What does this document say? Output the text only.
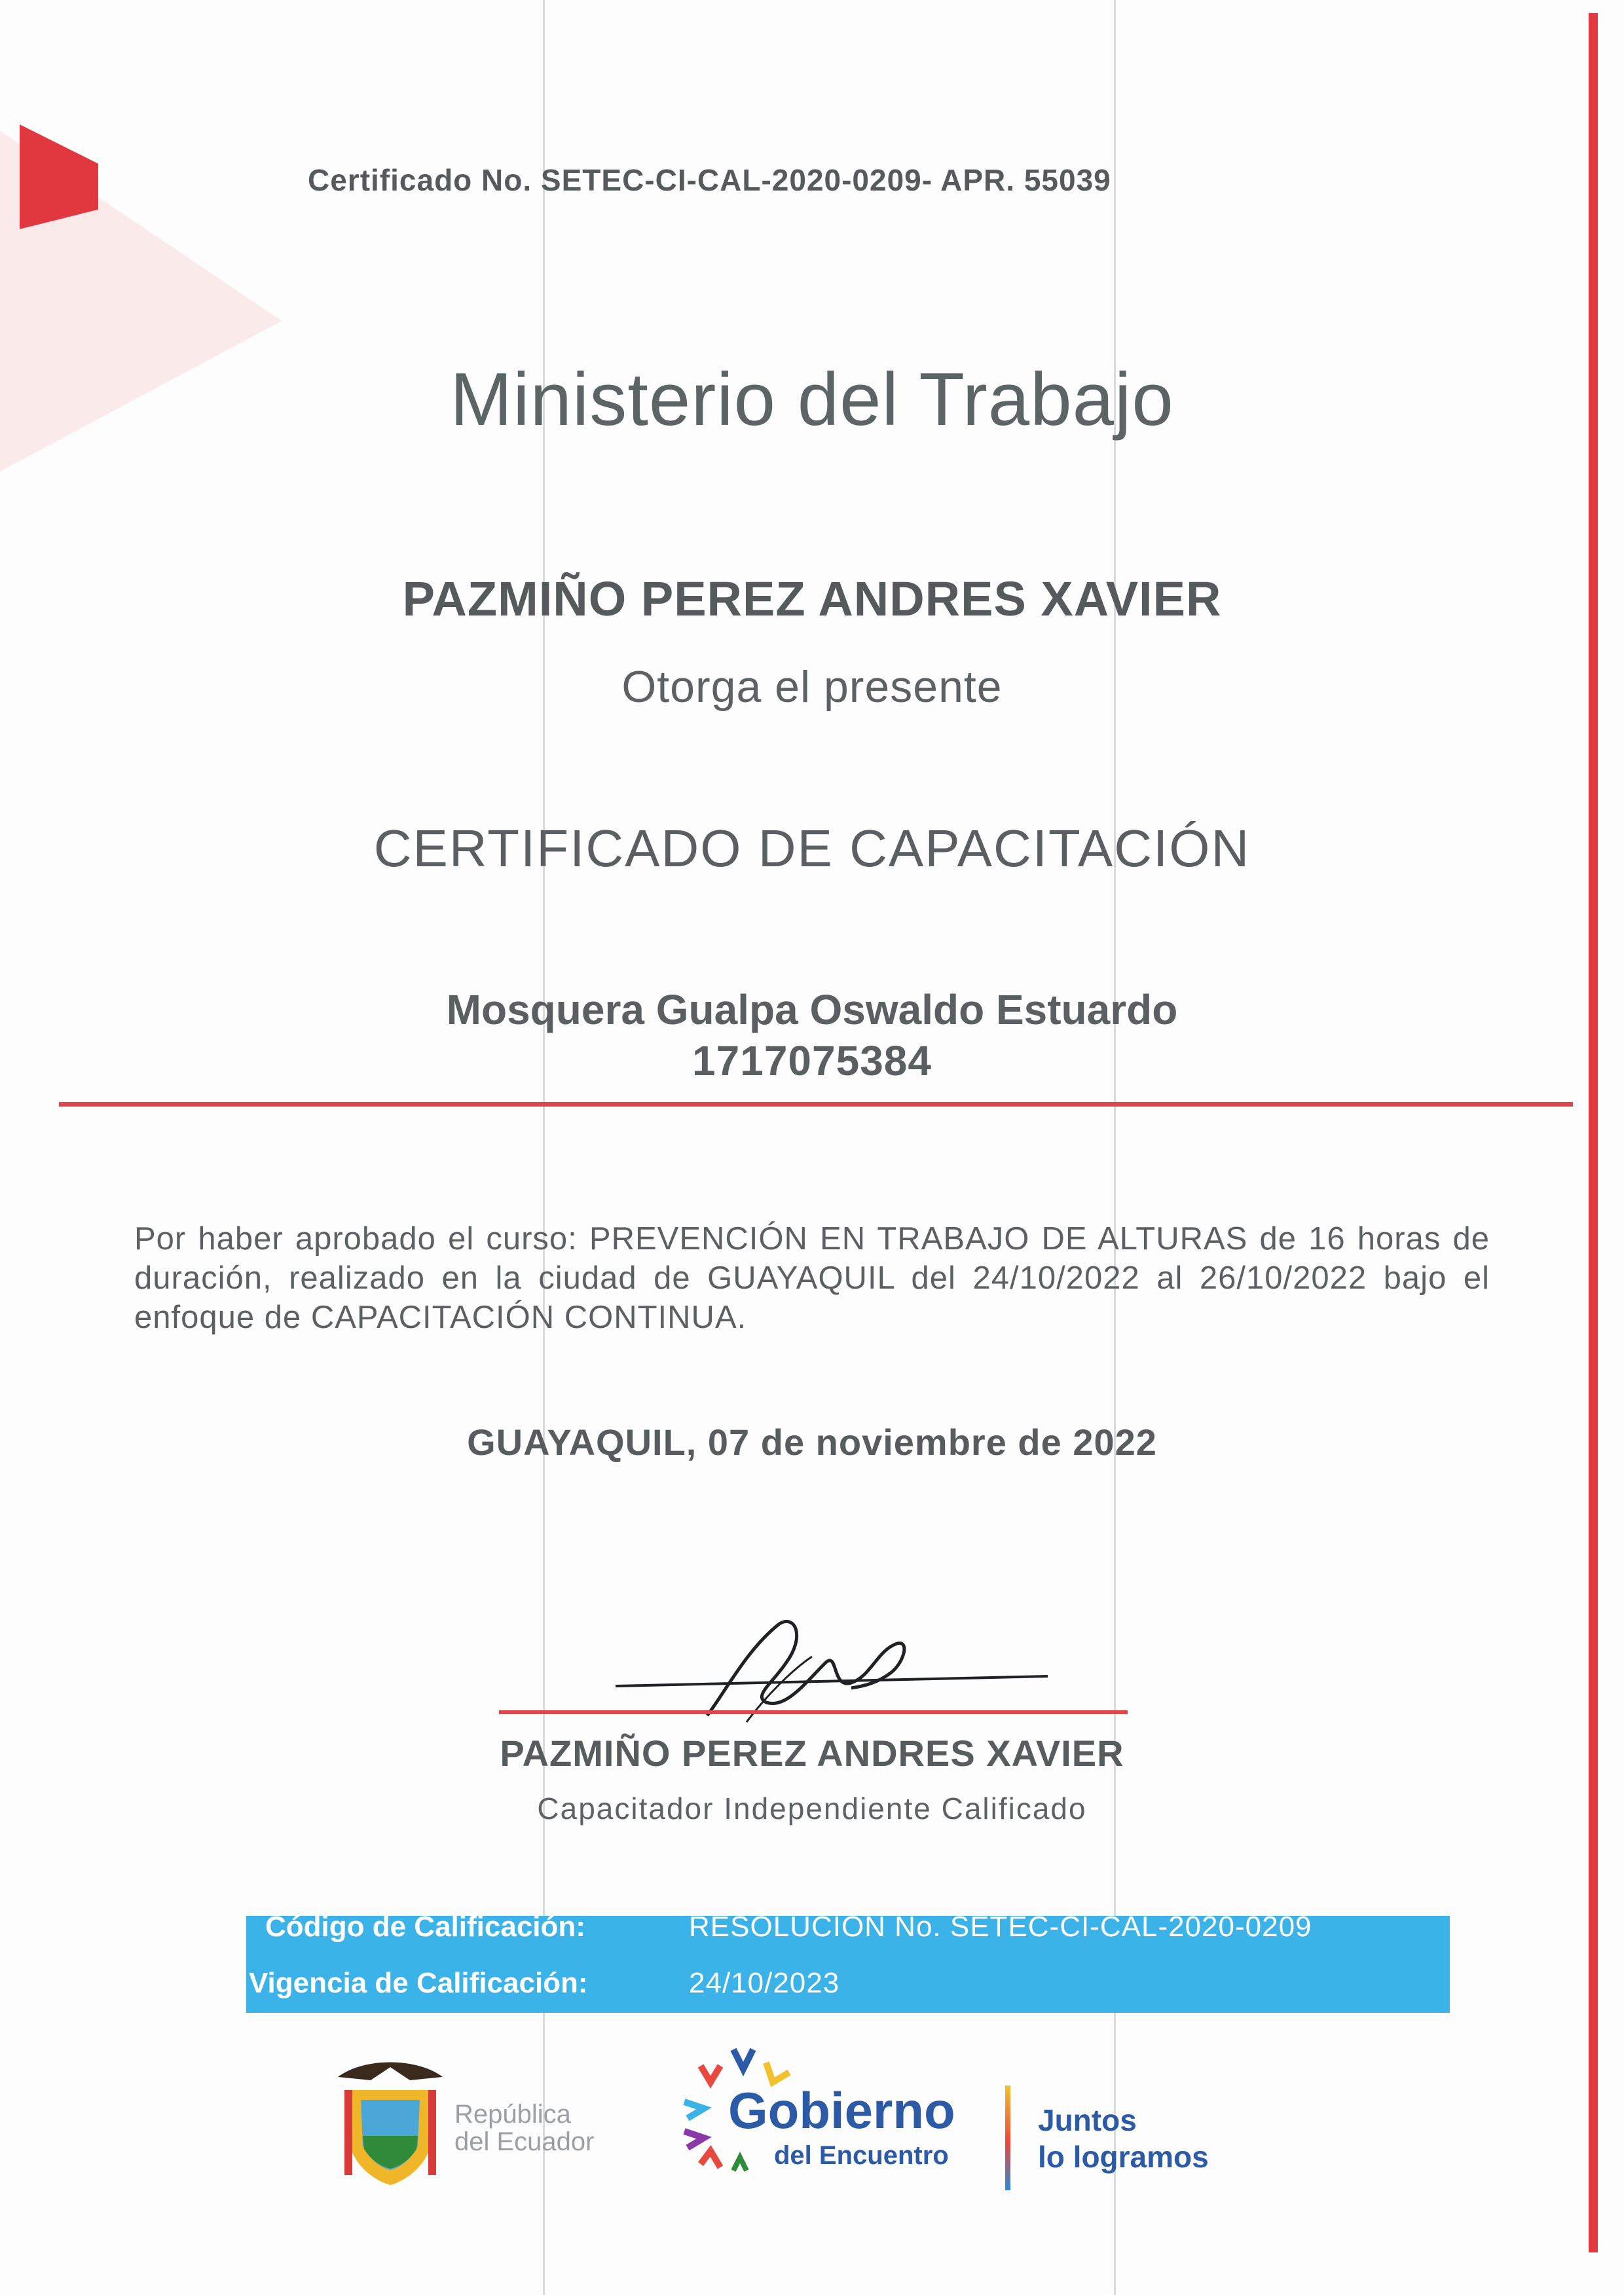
Certificado No. SETEC-CI-CAL-2020-0209- APR. 55039
Ministerio del Trabajo
PAZMIÑO PEREZ ANDRES XAVIER
Otorga el presente
CERTIFICADO DE CAPACITACIÓN
Mosquera Gualpa Oswaldo Estuardo
1717075384
Por haber aprobado el curso: PREVENCIÓN EN TRABAJO DE ALTURAS de 16 horas de duración, realizado en la ciudad de GUAYAQUIL del 24/10/2022 al 26/10/2022 bajo el enfoque de CAPACITACIÓN CONTINUA.
GUAYAQUIL, 07 de noviembre de 2022
PAZMIÑO PEREZ ANDRES XAVIER
Capacitador Independiente Calificado
Código de Calificación:	RESOLUCION No. SETEC-CI-CAL-2020-0209
Vigencia de Calificación:	24/10/2023
República
del Ecuador
Gobierno
del Encuentro
Juntos
lo logramos
